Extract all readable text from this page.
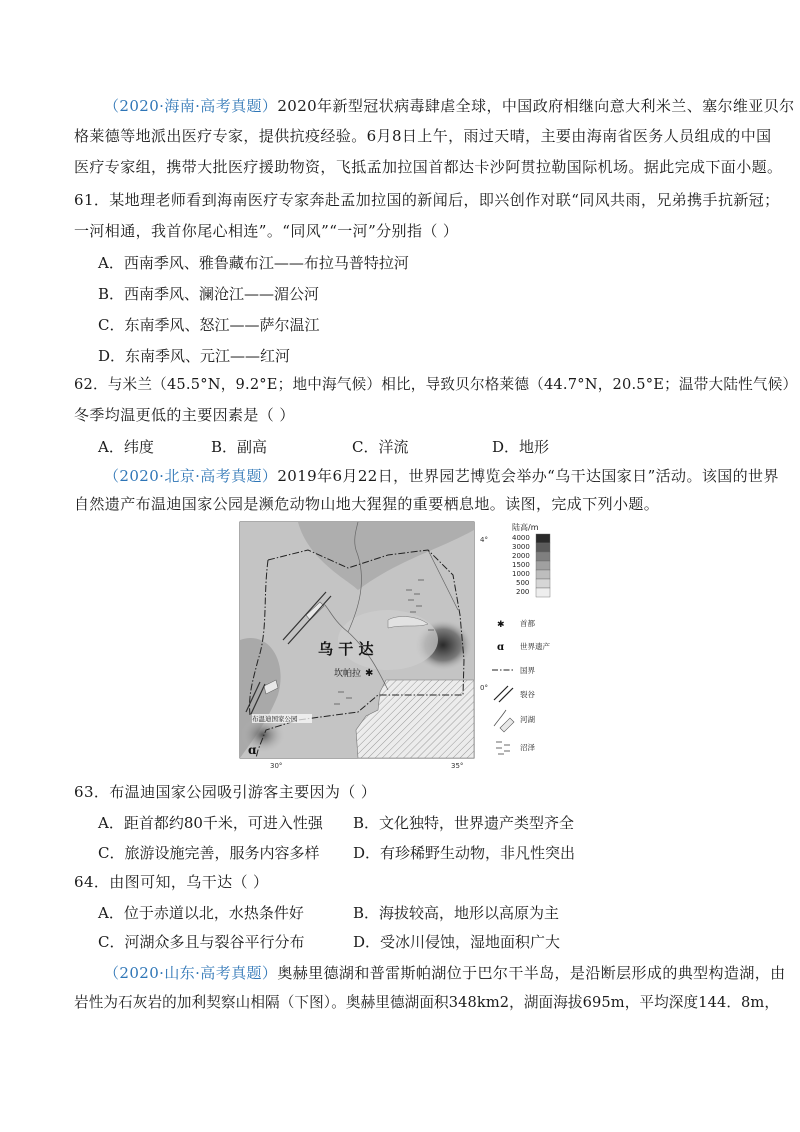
（2020·海南·高考真题）2020年新型冠状病毒肆虐全球，中国政府相继向意大利米兰、塞尔维亚贝尔
格莱德等地派出医疗专家，提供抗疫经验。6月8日上午，雨过天晴，主要由海南省医务人员组成的中国
医疗专家组，携带大批医疗援助物资，飞抵孟加拉国首都达卡沙阿贯拉勒国际机场。据此完成下面小题。
61．某地理老师看到海南医疗专家奔赴孟加拉国的新闻后，即兴创作对联“同风共雨，兄弟携手抗新冠；
一河相通，我首你尾心相连”。“同风”“一河”分别指（ ）
A．西南季风、雅鲁藏布江——布拉马普特拉河
B．西南季风、澜沧江——湄公河
C．东南季风、怒江——萨尔温江
D．东南季风、元江——红河
62．与米兰（45.5°N，9.2°E；地中海气候）相比，导致贝尔格莱德（44.7°N，20.5°E；温带大陆性气候）
冬季均温更低的主要因素是（ ）
A．纬度	B．副高	C．洋流	D．地形
（2020·北京·高考真题）2019年6月22日，世界园艺博览会举办“乌干达国家日”活动。该国的世界
自然遗产布温迪国家公园是濒危动物山地大猩猩的重要栖息地。读图，完成下列小题。
乌 干 达
✱
坎帕拉
ɑ
布温迪国家公园
4°
0°
30°	35°
陆高/m
4000
3000
2000
1500
1000
500
200
✱ 首都
ɑ 世界遗产
国界
裂谷
河湖
沼泽
63．布温迪国家公园吸引游客主要因为（ ）
A．距首都约80千米，可进入性强 B．文化独特，世界遗产类型齐全
C．旅游设施完善，服务内容多样 D．有珍稀野生动物，非凡性突出
64．由图可知，乌干达（ ）
A．位于赤道以北，水热条件好	B．海拔较高，地形以高原为主
C．河湖众多且与裂谷平行分布	D．受冰川侵蚀，湿地面积广大
（2020·山东·高考真题）奥赫里德湖和普雷斯帕湖位于巴尔干半岛，是沿断层形成的典型构造湖，由
岩性为石灰岩的加利契察山相隔（下图）。奥赫里德湖面积348km2，湖面海拔695m，平均深度144．8m，
